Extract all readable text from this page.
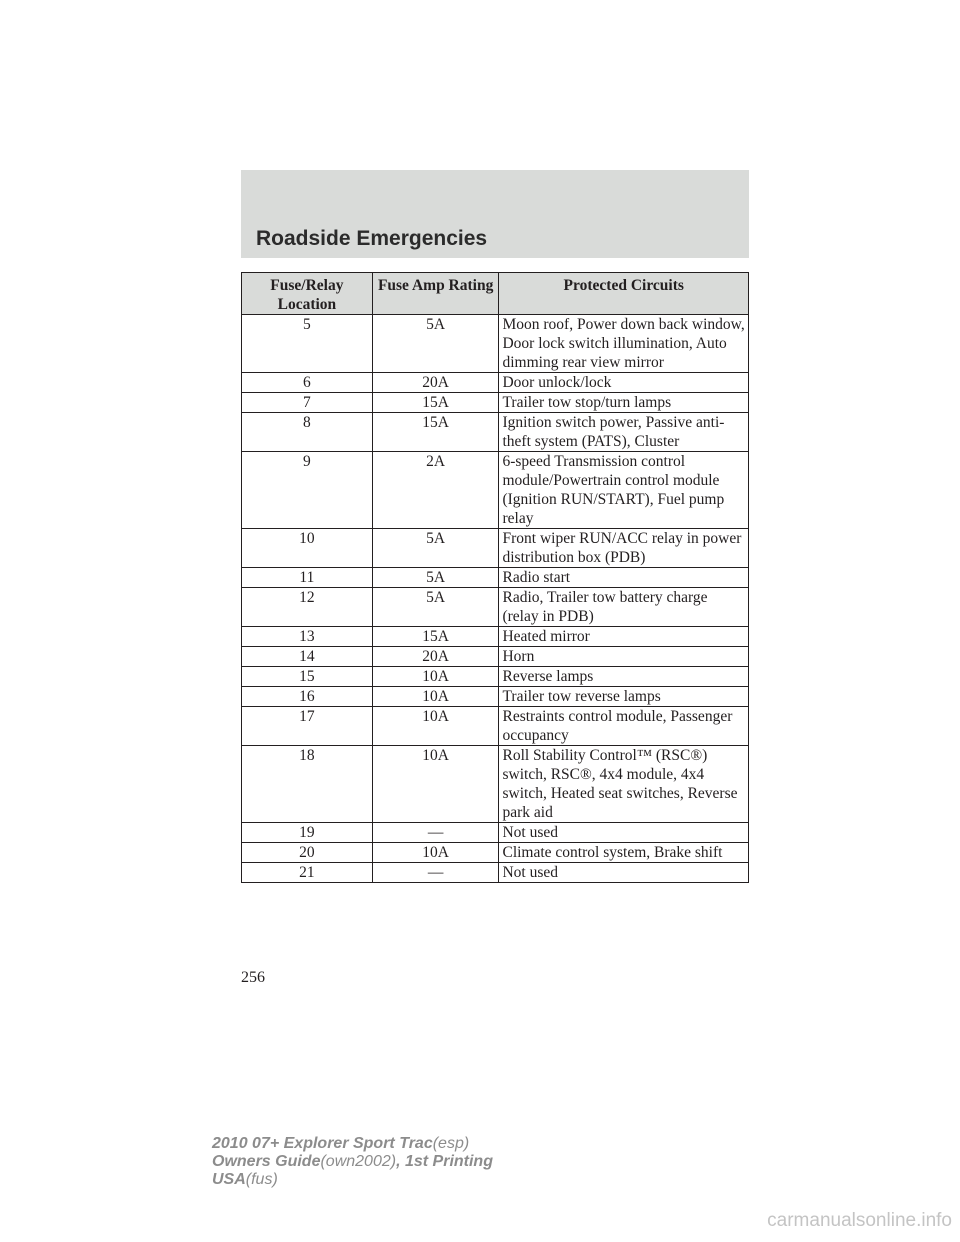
Roadside Emergencies
Fuse/Relay Location	Fuse Amp Rating	Protected Circuits
5	5A	Moon roof, Power down back window, Door lock switch illumination, Auto dimming rear view mirror
6	20A	Door unlock/lock
7	15A	Trailer tow stop/turn lamps
8	15A	Ignition switch power, Passive anti-theft system (PATS), Cluster
9	2A	6-speed Transmission control module/Powertrain control module (Ignition RUN/START), Fuel pump relay
10	5A	Front wiper RUN/ACC relay in power distribution box (PDB)
11	5A	Radio start
12	5A	Radio, Trailer tow battery charge (relay in PDB)
13	15A	Heated mirror
14	20A	Horn
15	10A	Reverse lamps
16	10A	Trailer tow reverse lamps
17	10A	Restraints control module, Passenger occupancy
18	10A	Roll Stability Control™ (RSC®) switch, RSC®, 4x4 module, 4x4 switch, Heated seat switches, Reverse park aid
19	—	Not used
20	10A	Climate control system, Brake shift
21	—	Not used
256
2010 07+ Explorer Sport Trac(esp)
Owners Guide(own2002), 1st Printing
USA(fus)
carmanualsonline.info
